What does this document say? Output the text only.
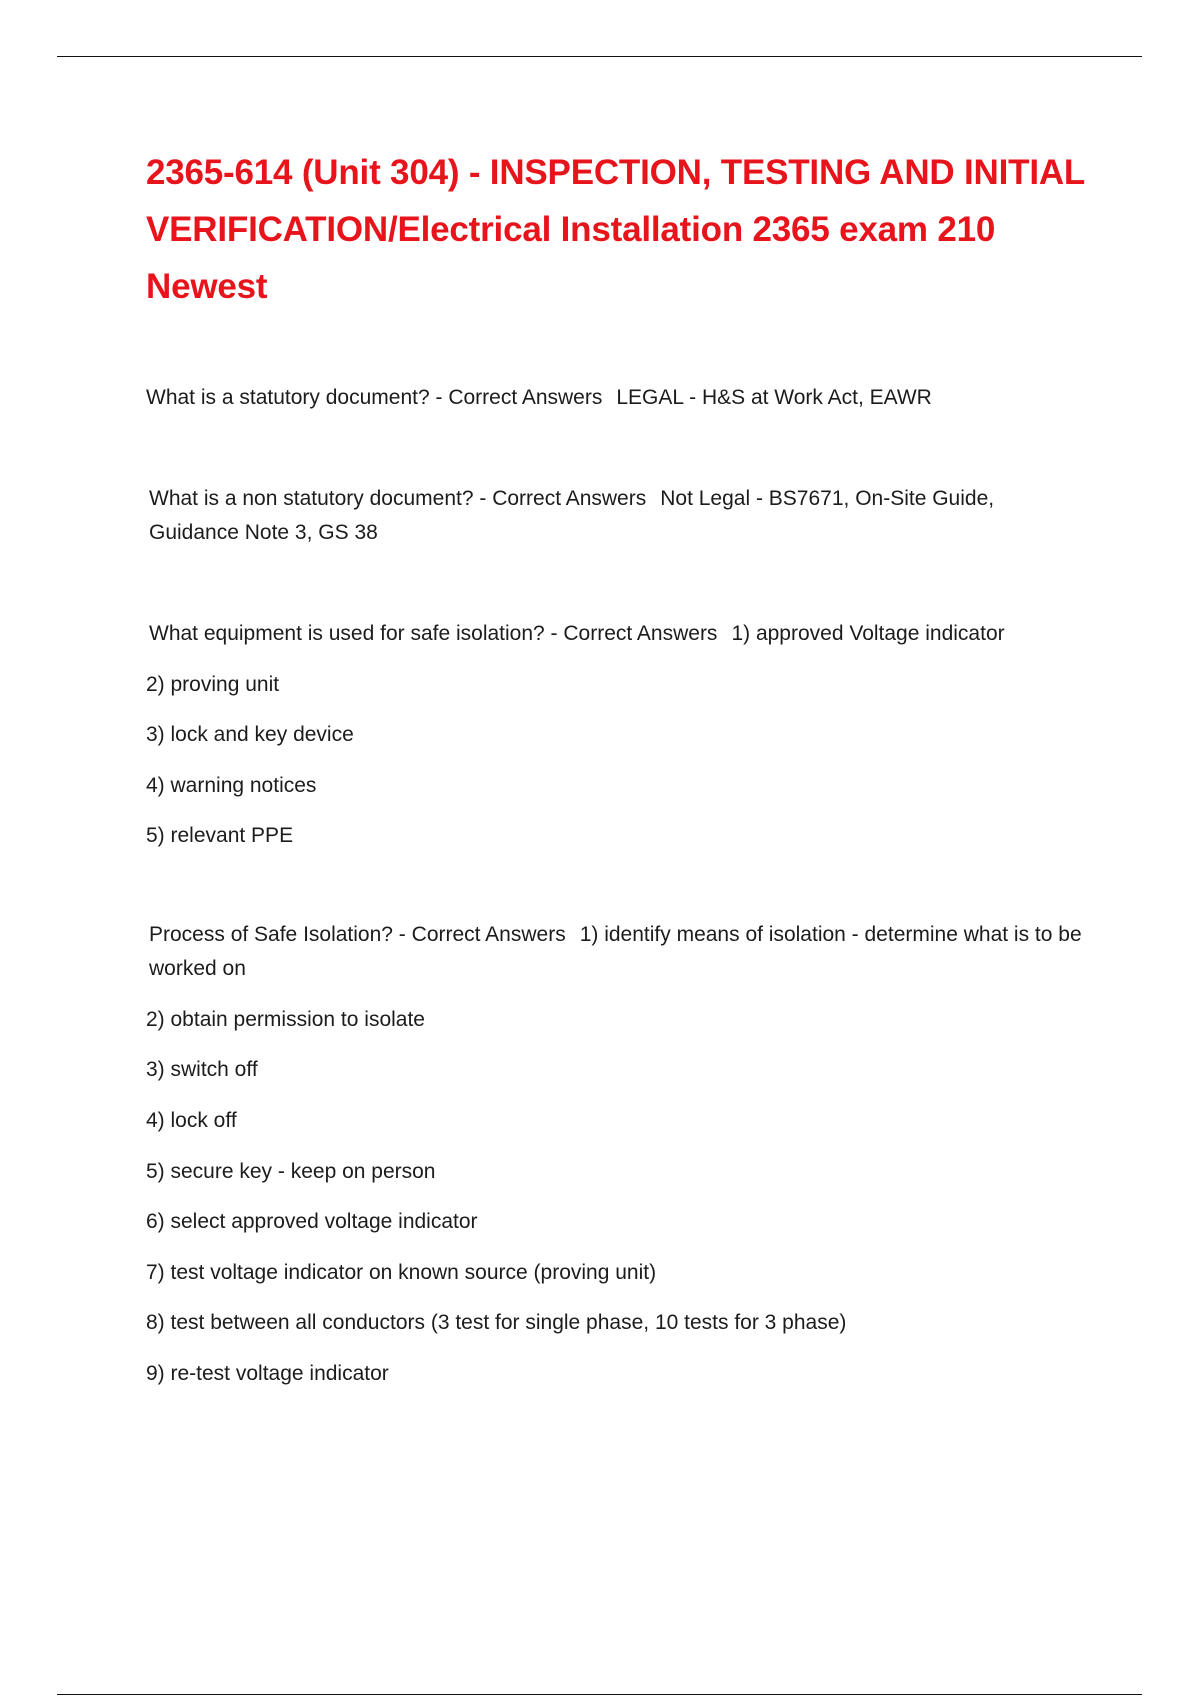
2365-614 (Unit 304) - INSPECTION, TESTING AND INITIAL VERIFICATION/Electrical Installation 2365 exam 210 Newest

What is a statutory document? - Correct Answers LEGAL - H&S at Work Act, EAWR

What is a non statutory document? - Correct Answers Not Legal - BS7671, On-Site Guide, Guidance Note 3, GS 38

What equipment is used for safe isolation? - Correct Answers 1) approved Voltage indicator

2) proving unit

3) lock and key device

4) warning notices

5) relevant PPE

Process of Safe Isolation? - Correct Answers 1) identify means of isolation - determine what is to be worked on

2) obtain permission to isolate

3) switch off

4) lock off

5) secure key - keep on person

6) select approved voltage indicator

7) test voltage indicator on known source (proving unit)

8) test between all conductors (3 test for single phase, 10 tests for 3 phase)

9) re-test voltage indicator
